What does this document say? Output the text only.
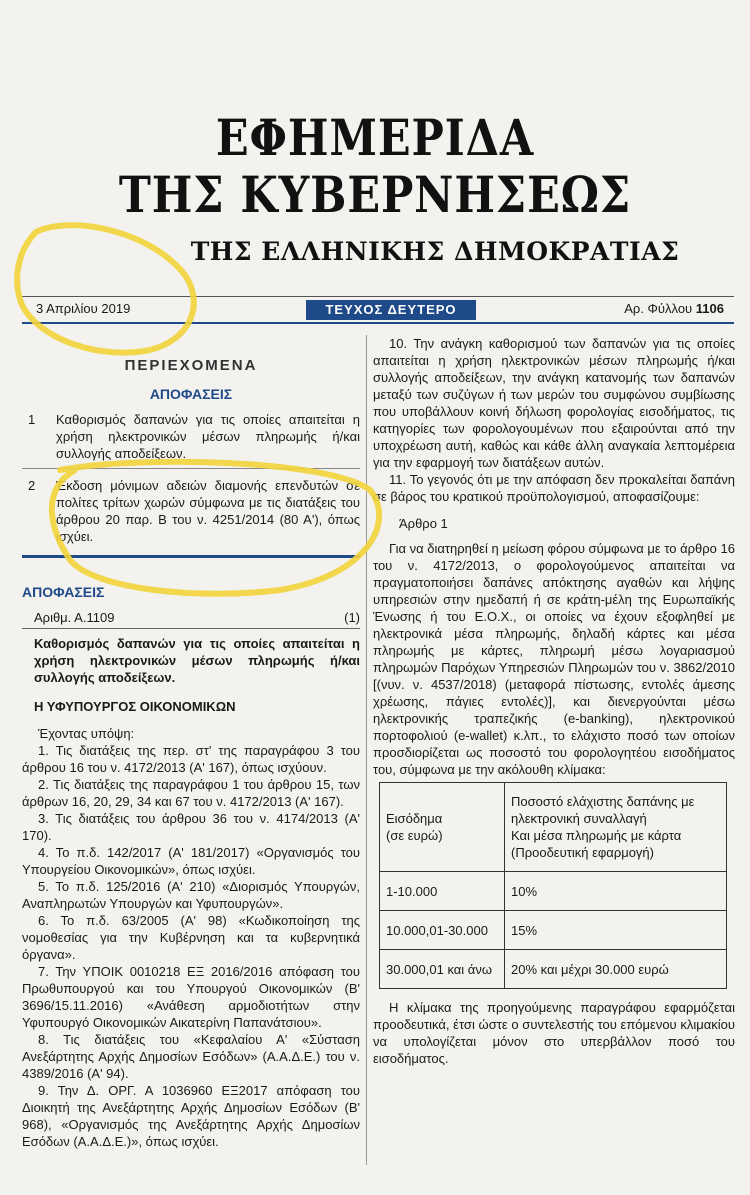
ΕΦΗΜΕΡΙΔΑ
ΤΗΣ ΚΥΒΕΡΝΗΣΕΩΣ
ΤΗΣ ΕΛΛΗΝΙΚΗΣ ΔΗΜΟΚΡΑΤΙΑΣ
3 Απριλίου 2019	ΤΕΥΧΟΣ ΔΕΥΤΕΡΟ	Αρ. Φύλλου 1106
ΠΕΡΙΕΧΟΜΕΝΑ
ΑΠΟΦΑΣΕΙΣ
1	Καθορισμός δαπανών για τις οποίες απαιτείται η χρήση ηλεκτρονικών μέσων πληρωμής ή/και συλλογής αποδείξεων.
2	Έκδοση μόνιμων αδειών διαμονής επενδυτών σε πολίτες τρίτων χωρών σύμφωνα με τις διατάξεις του άρθρου 20 παρ. Β του ν. 4251/2014 (80 Α'), όπως ισχύει.
ΑΠΟΦΑΣΕΙΣ
Αριθμ. Α.1109	(1)
Καθορισμός δαπανών για τις οποίες απαιτείται η χρήση ηλεκτρονικών μέσων πληρωμής ή/και συλλογής αποδείξεων.
Η ΥΦΥΠΟΥΡΓΟΣ ΟΙΚΟΝΟΜΙΚΩΝ

Έχοντας υπόψη:

1. Τις διατάξεις της περ. στ' της παραγράφου 3 του άρθρου 16 του ν. 4172/2013 (Α' 167), όπως ισχύουν.

2. Τις διατάξεις της παραγράφου 1 του άρθρου 15, των άρθρων 16, 20, 29, 34 και 67 του ν. 4172/2013 (Α' 167).

3. Τις διατάξεις του άρθρου 36 του ν. 4174/2013 (Α' 170).

4. Το π.δ. 142/2017 (Α' 181/2017) «Οργανισμός του Υπουργείου Οικονομικών», όπως ισχύει.

5. Το π.δ. 125/2016 (Α' 210) «Διορισμός Υπουργών, Αναπληρωτών Υπουργών και Υφυπουργών».

6. Το π.δ. 63/2005 (Α' 98) «Κωδικοποίηση της νομοθεσίας για την Κυβέρνηση και τα κυβερνητικά όργανα».

7. Την ΥΠΟΙΚ 0010218 ΕΞ 2016/2016 απόφαση του Πρωθυπουργού και του Υπουργού Οικονομικών (Β' 3696/15.11.2016) «Ανάθεση αρμοδιοτήτων στην Υφυπουργό Οικονομικών Αικατερίνη Παπανάτσιου».

8. Τις διατάξεις του «Κεφαλαίου Α' «Σύσταση Ανεξάρτητης Αρχής Δημοσίων Εσόδων» (Α.Α.Δ.Ε.) του ν. 4389/2016 (Α' 94).

9. Την Δ. ΟΡΓ. Α 1036960 ΕΞ2017 απόφαση του Διοικητή της Ανεξάρτητης Αρχής Δημοσίων Εσόδων (Β' 968), «Οργανισμός της Ανεξάρτητης Αρχής Δημοσίων Εσόδων (Α.Α.Δ.Ε.)», όπως ισχύει.

10. Την ανάγκη καθορισμού των δαπανών για τις οποίες απαιτείται η χρήση ηλεκτρονικών μέσων πληρωμής ή/και συλλογής αποδείξεων, την ανάγκη κατανομής των δαπανών μεταξύ των συζύγων ή των μερών του συμφώνου συμβίωσης που υποβάλλουν κοινή δήλωση φορολογίας εισοδήματος, τις κατηγορίες των φορολογουμένων που εξαιρούνται από την υποχρέωση αυτή, καθώς και κάθε άλλη αναγκαία λεπτομέρεια για την εφαρμογή των διατάξεων αυτών.

11. Το γεγονός ότι με την απόφαση δεν προκαλείται δαπάνη σε βάρος του κρατικού προϋπολογισμού, αποφασίζουμε:

Άρθρο 1

Για να διατηρηθεί η μείωση φόρου σύμφωνα με το άρθρο 16 του ν. 4172/2013, ο φορολογούμενος απαιτείται να πραγματοποιήσει δαπάνες απόκτησης αγαθών και λήψης υπηρεσιών στην ημεδαπή ή σε κράτη-μέλη της Ευρωπαϊκής Ένωσης ή του Ε.Ο.Χ., οι οποίες να έχουν εξοφληθεί με ηλεκτρονικά μέσα πληρωμής, δηλαδή κάρτες και μέσα πληρωμής με κάρτες, πληρωμή μέσω λογαριασμού πληρωμών Παρόχων Υπηρεσιών Πληρωμών του ν. 3862/2010 [(νυν. ν. 4537/2018) (μεταφορά πίστωσης, εντολές άμεσης χρέωσης, πάγιες εντολές)], και διενεργούνται μέσω ηλεκτρονικής τραπεζικής (e-banking), ηλεκτρονικού πορτοφολιού (e-wallet) κ.λπ., το ελάχιστο ποσό των οποίων προσδιορίζεται ως ποσοστό του φορολογητέου εισοδήματος του, σύμφωνα με την ακόλουθη κλίμακα:

Εισόδημα
(σε ευρώ)	Ποσοστό ελάχιστης δαπάνης με ηλεκτρονική συναλλαγή
Και μέσα πληρωμής με κάρτα
(Προοδευτική εφαρμογή)
1-10.000	10%
10.000,01-30.000	15%
30.000,01 και άνω	20% και μέχρι 30.000 ευρώ

Η κλίμακα της προηγούμενης παραγράφου εφαρμόζεται προοδευτικά, έτσι ώστε ο συντελεστής του επόμενου κλιμακίου να υπολογίζεται μόνον στο υπερβάλλον ποσό του εισοδήματος.
